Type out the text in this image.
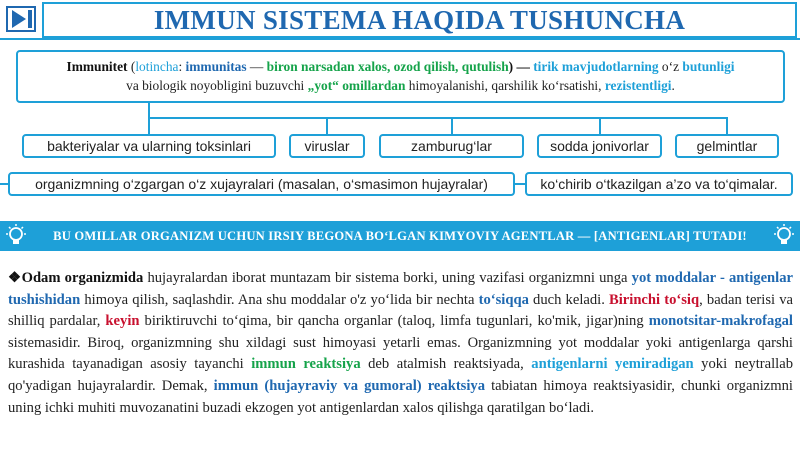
IMMUN SISTEMA HAQIDA TUSHUNCHA
Immunitet (lotincha: immunitas — biron narsadan xalos, ozod qilish, qutulish) — tirik mavjudotlarning o‘z butunligi
va biologik noyobligini buzuvchi „yot“ omillardan himoyalanishi, qarshilik ko‘rsatishi, rezistentligi.
bakteriyalar va ularning toksinlari	viruslar	zamburug‘lar	sodda jonivorlar	gelmintlar
organizmning o‘zgargan o‘z xujayralari (masalan, o‘smasimon hujayralar)	ko‘chirib o‘tkazilgan a’zo va to‘qimalar.
BU OMILLAR ORGANIZM UCHUN IRSIY BEGONA BO‘LGAN KIMYOVIY AGENTLAR — [ANTIGENLAR] TUTADI!
❖Odam organizmida hujayralardan iborat muntazam bir sistema borki, uning vazifasi organizmni unga yot moddalar - antigenlar tushishidan himoya qilish, saqlashdir. Ana shu moddalar o'z yo‘lida bir nechta to‘siqqa duch keladi. Birinchi to‘siq, badan terisi va shilliq pardalar, keyin biriktiruvchi to‘qima, bir qancha organlar (taloq, limfa tugunlari, ko'mik, jigar)ning monotsitar-makrofagal sistemasidir. Biroq, organizmning shu xildagi sust himoyasi yetarli emas. Organizmning yot moddalar yoki antigenlarga qarshi kurashida tayanadigan asosiy tayanchi immun reaktsiya deb atalmish reaktsiyada, antigenlarni yemiradigan yoki neytrallab qo'yadigan hujayralardir. Demak, immun (hujayraviy va gumoral) reaktsiya tabiatan himoya reaktsiyasidir, chunki organizmni uning ichki muhiti muvozanatini buzadi ekzogen yot antigenlardan xalos qilishga qaratilgan bo‘ladi.
